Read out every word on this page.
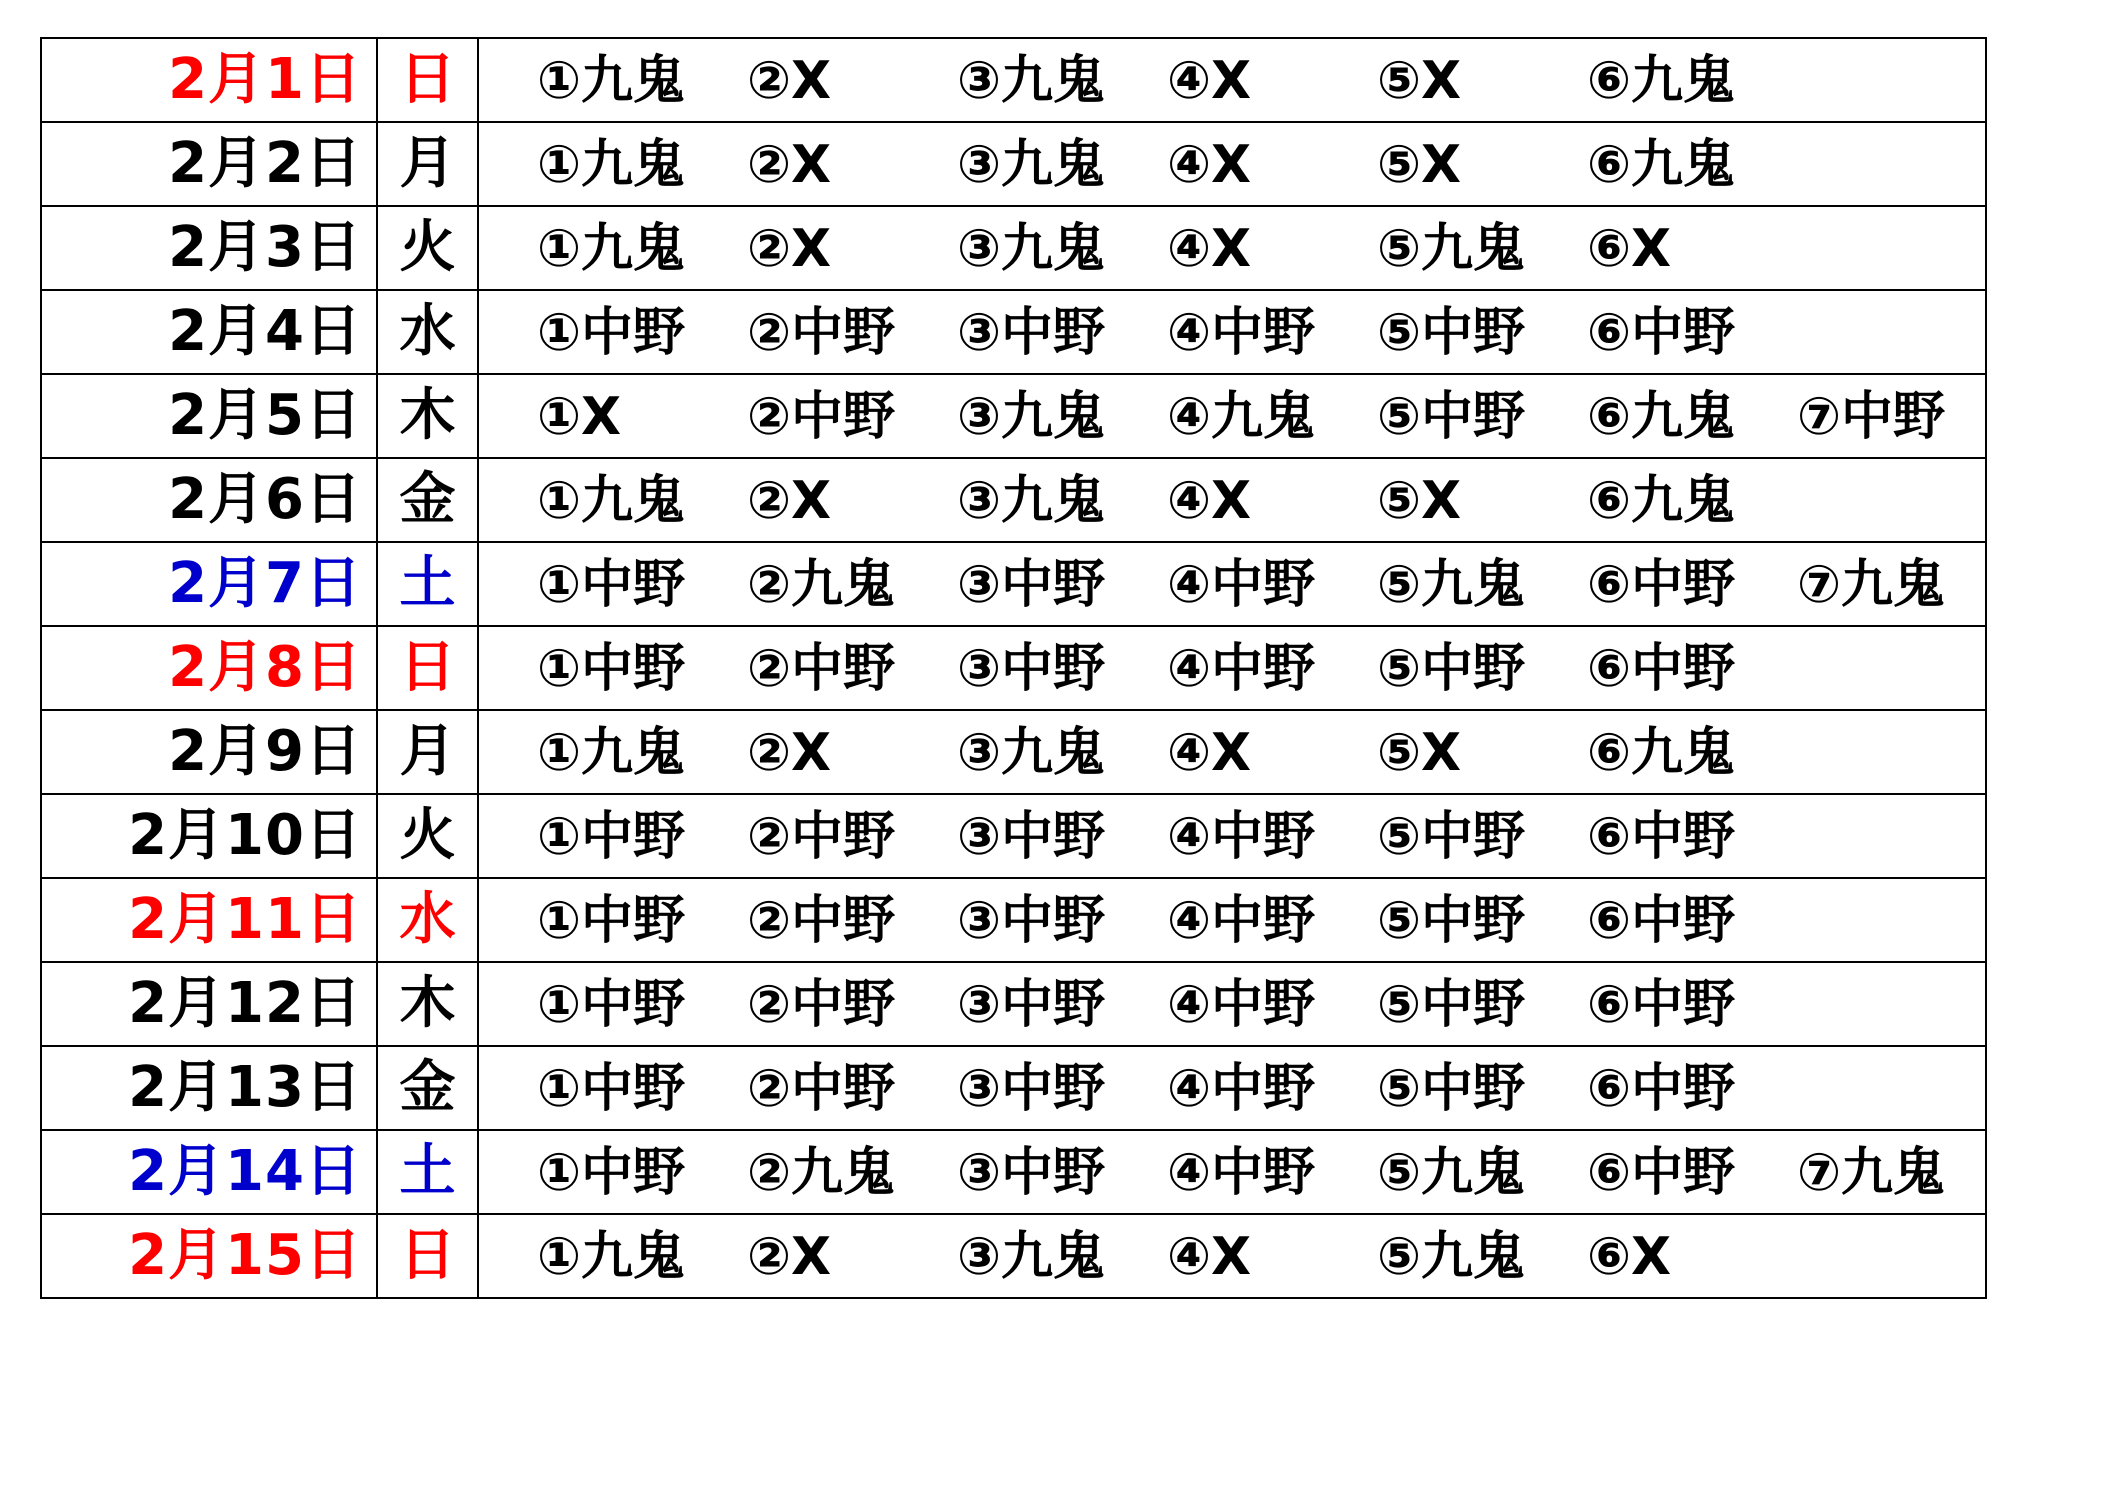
2月1日	日	①九鬼 ②X ③九鬼 ④X ⑤X ⑥九鬼
2月2日	月	①九鬼 ②X ③九鬼 ④X ⑤X ⑥九鬼
2月3日	火	①九鬼 ②X ③九鬼 ④X ⑤九鬼 ⑥X
2月4日	水	①中野 ②中野 ③中野 ④中野 ⑤中野 ⑥中野
2月5日	木	①X ②中野 ③九鬼 ④九鬼 ⑤中野 ⑥九鬼 ⑦中野
2月6日	金	①九鬼 ②X ③九鬼 ④X ⑤X ⑥九鬼
2月7日	土	①中野 ②九鬼 ③中野 ④中野 ⑤九鬼 ⑥中野 ⑦九鬼
2月8日	日	①中野 ②中野 ③中野 ④中野 ⑤中野 ⑥中野
2月9日	月	①九鬼 ②X ③九鬼 ④X ⑤X ⑥九鬼
2月10日	火	①中野 ②中野 ③中野 ④中野 ⑤中野 ⑥中野
2月11日	水	①中野 ②中野 ③中野 ④中野 ⑤中野 ⑥中野
2月12日	木	①中野 ②中野 ③中野 ④中野 ⑤中野 ⑥中野
2月13日	金	①中野 ②中野 ③中野 ④中野 ⑤中野 ⑥中野
2月14日	土	①中野 ②九鬼 ③中野 ④中野 ⑤九鬼 ⑥中野 ⑦九鬼
2月15日	日	①九鬼 ②X ③九鬼 ④X ⑤九鬼 ⑥X
